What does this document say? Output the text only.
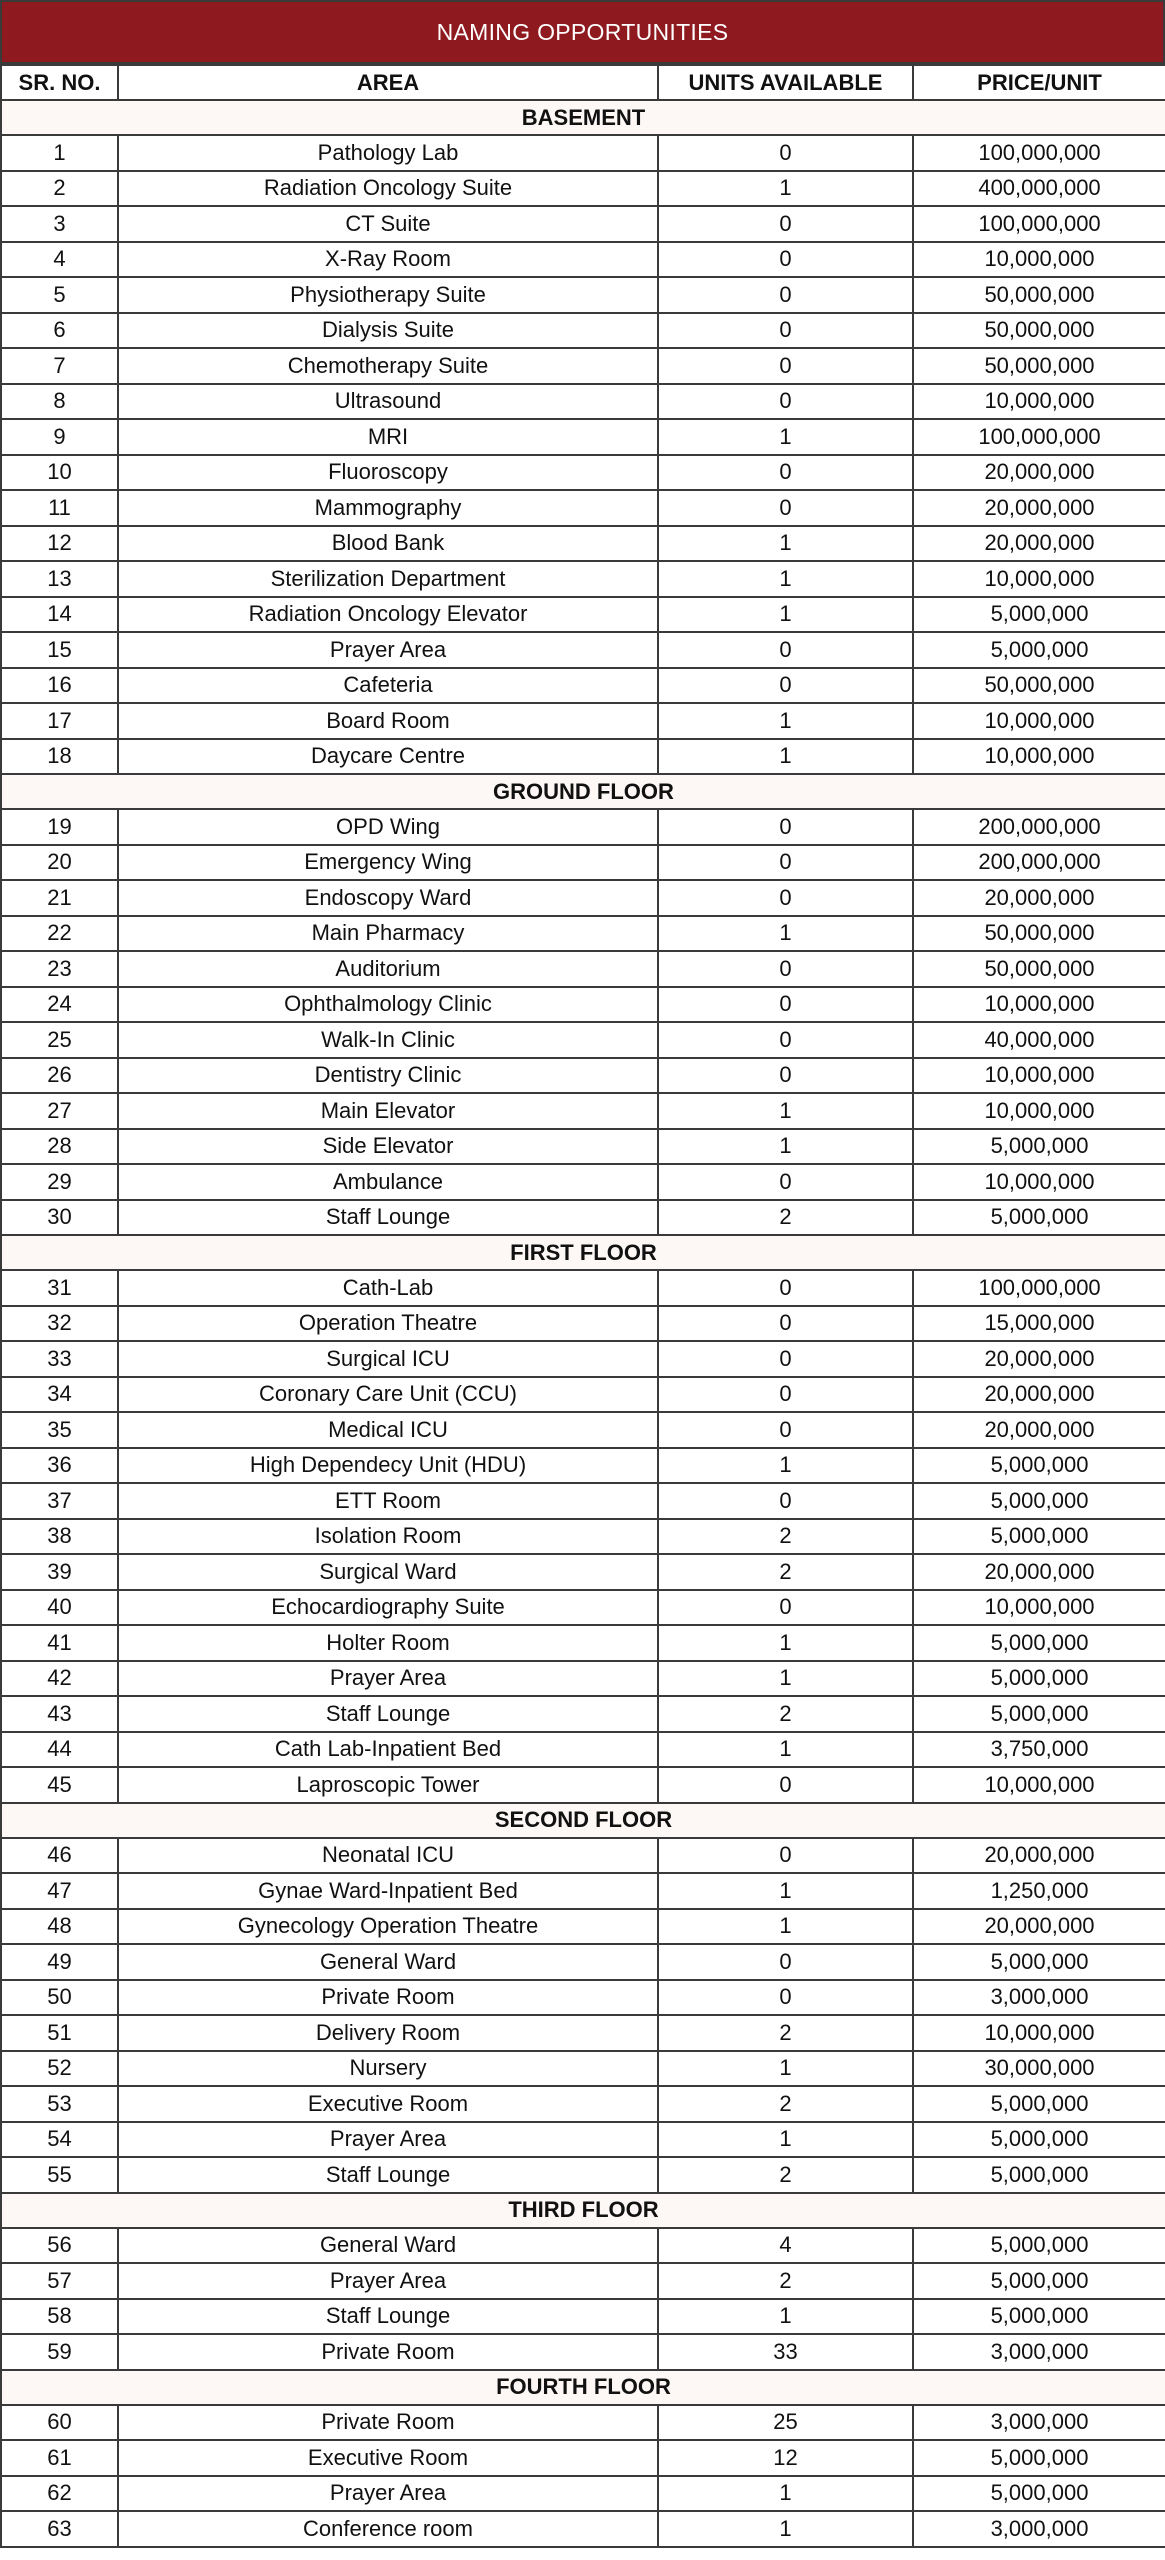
NAMING OPPORTUNITIES
SR. NO.	AREA	UNITS AVAILABLE	PRICE/UNIT
BASEMENT			
1	Pathology Lab	0	100,000,000
2	Radiation Oncology Suite	1	400,000,000
3	CT Suite	0	100,000,000
4	X-Ray Room	0	10,000,000
5	Physiotherapy Suite	0	50,000,000
6	Dialysis Suite	0	50,000,000
7	Chemotherapy Suite	0	50,000,000
8	Ultrasound	0	10,000,000
9	MRI	1	100,000,000
10	Fluoroscopy	0	20,000,000
11	Mammography	0	20,000,000
12	Blood Bank	1	20,000,000
13	Sterilization Department	1	10,000,000
14	Radiation Oncology Elevator	1	5,000,000
15	Prayer Area	0	5,000,000
16	Cafeteria	0	50,000,000
17	Board Room	1	10,000,000
18	Daycare Centre	1	10,000,000
GROUND FLOOR			
19	OPD Wing	0	200,000,000
20	Emergency Wing	0	200,000,000
21	Endoscopy Ward	0	20,000,000
22	Main Pharmacy	1	50,000,000
23	Auditorium	0	50,000,000
24	Ophthalmology Clinic	0	10,000,000
25	Walk-In Clinic	0	40,000,000
26	Dentistry Clinic	0	10,000,000
27	Main Elevator	1	10,000,000
28	Side Elevator	1	5,000,000
29	Ambulance	0	10,000,000
30	Staff Lounge	2	5,000,000
FIRST FLOOR			
31	Cath-Lab	0	100,000,000
32	Operation Theatre	0	15,000,000
33	Surgical ICU	0	20,000,000
34	Coronary Care Unit (CCU)	0	20,000,000
35	Medical ICU	0	20,000,000
36	High Dependecy Unit (HDU)	1	5,000,000
37	ETT Room	0	5,000,000
38	Isolation Room	2	5,000,000
39	Surgical Ward	2	20,000,000
40	Echocardiography Suite	0	10,000,000
41	Holter Room	1	5,000,000
42	Prayer Area	1	5,000,000
43	Staff Lounge	2	5,000,000
44	Cath Lab-Inpatient Bed	1	3,750,000
45	Laproscopic Tower	0	10,000,000
SECOND FLOOR			
46	Neonatal ICU	0	20,000,000
47	Gynae Ward-Inpatient Bed	1	1,250,000
48	Gynecology Operation Theatre	1	20,000,000
49	General Ward	0	5,000,000
50	Private Room	0	3,000,000
51	Delivery Room	2	10,000,000
52	Nursery	1	30,000,000
53	Executive Room	2	5,000,000
54	Prayer Area	1	5,000,000
55	Staff Lounge	2	5,000,000
THIRD FLOOR			
56	General Ward	4	5,000,000
57	Prayer Area	2	5,000,000
58	Staff Lounge	1	5,000,000
59	Private Room	33	3,000,000
FOURTH FLOOR			
60	Private Room	25	3,000,000
61	Executive Room	12	5,000,000
62	Prayer Area	1	5,000,000
63	Conference room	1	3,000,000
